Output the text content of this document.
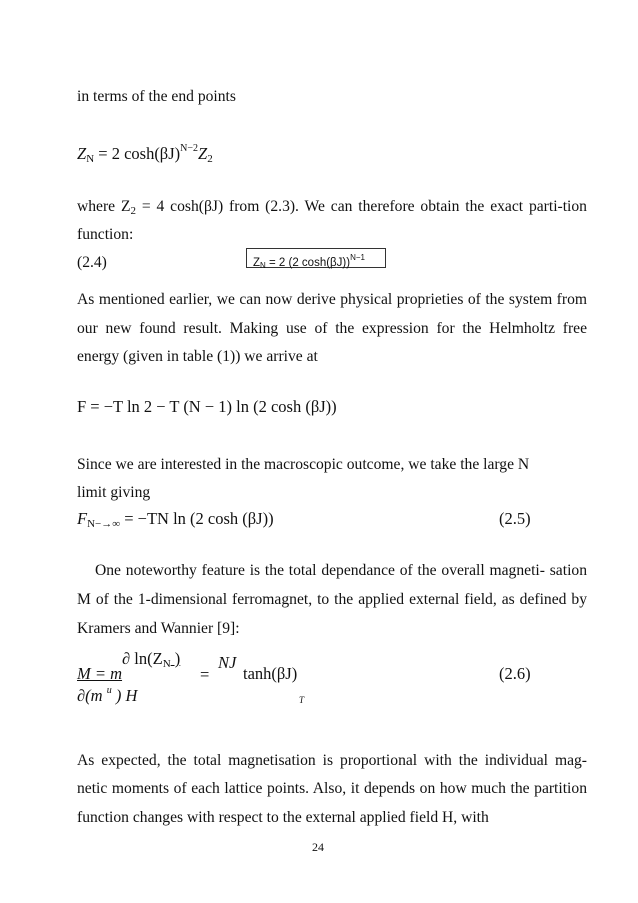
in terms of the end points
$Z_N = 2$ $\cosh(\beta J)^{N-2}Z_2$
where $Z_2 = 4$ cosh(βJ) from (2.3). We can therefore obtain the exact parti-tion
function:
(2.4)	ZN = 2 (2 cosh(βJ))$^{N-1}$
As mentioned earlier, we can now derive physical proprieties of the system from
our new found result. Making use of the expression for the Helmholtz free
energy (given in table (1)) we arrive at
F = −T ln 2 − T (N − 1) ln (2 cosh (βJ))
Since we are interested in the macroscopic outcome, we take the large N
limit giving
$F_{N-\to\infty} = -TN$ ln (2 cosh (βJ))	(2.5)
One noteworthy feature is the total dependance of the overall magneti- sation
M of the 1-dimensional ferromagnet, to the applied external field, as defined by
Kramers and Wannier [9]:
∂ $\ln(Z_N$ ) NJ
M = m	= tanh(βJ)	(2.6)
∂(m $^u$ ) H	T
As expected, the total magnetisation is proportional with the individual mag-
netic moments of each lattice points. Also, it depends on how much the partition
function changes with respect to the external applied field H, with
24
